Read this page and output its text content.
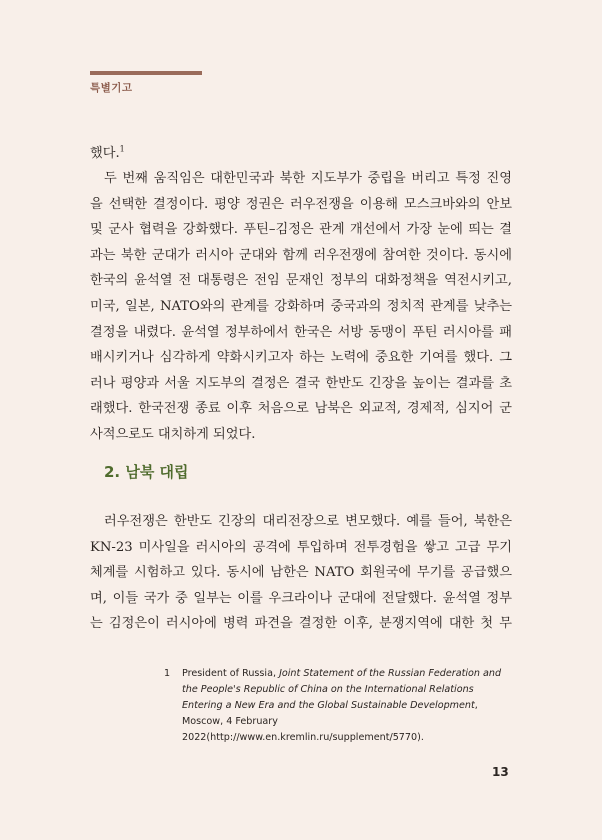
특별기고

했다.$^1$

두 번째 움직임은 대한민국과 북한 지도부가 중립을 버리고 특정 진영
을 선택한 결정이다. 평양 정권은 러우전쟁을 이용해 모스크바와의 안보
및 군사 협력을 강화했다. 푸틴–김정은 관계 개선에서 가장 눈에 띄는 결
과는 북한 군대가 러시아 군대와 함께 러우전쟁에 참여한 것이다. 동시에
한국의 윤석열 전 대통령은 전임 문재인 정부의 대화정책을 역전시키고,
미국, 일본, NATO와의 관계를 강화하며 중국과의 정치적 관계를 낮추는
결정을 내렸다. 윤석열 정부하에서 한국은 서방 동맹이 푸틴 러시아를 패
배시키거나 심각하게 약화시키고자 하는 노력에 중요한 기여를 했다. 그
러나 평양과 서울 지도부의 결정은 결국 한반도 긴장을 높이는 결과를 초
래했다. 한국전쟁 종료 이후 처음으로 남북은 외교적, 경제적, 심지어 군
사적으로도 대치하게 되었다.

2. 남북 대립

러우전쟁은 한반도 긴장의 대리전장으로 변모했다. 예를 들어, 북한은
KN-23 미사일을 러시아의 공격에 투입하며 전투경험을 쌓고 고급 무기
체계를 시험하고 있다. 동시에 남한은 NATO 회원국에 무기를 공급했으
며, 이들 국가 중 일부는 이를 우크라이나 군대에 전달했다. 윤석열 정부
는 김정은이 러시아에 병력 파견을 결정한 이후, 분쟁지역에 대한 첫 무

1 President of Russia, Joint Statement of the Russian Federation and the People's Republic of China on the International Relations Entering a New Era and the Global Sustainable Development, Moscow, 4 February 2022(http://www.en.kremlin.ru/supplement/5770).
13
